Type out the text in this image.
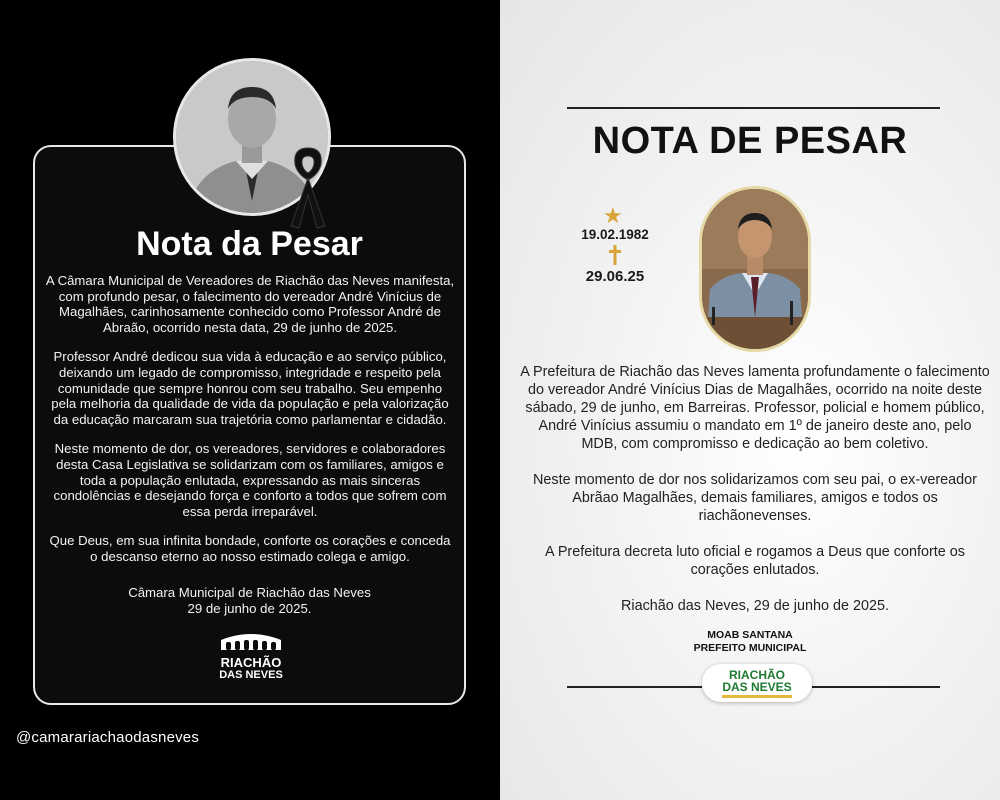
Nota da Pesar

A Câmara Municipal de Vereadores de Riachão das Neves manifesta, com profundo pesar, o falecimento do vereador André Vinícius de Magalhães, carinhosamente conhecido como Professor André de Abraão, ocorrido nesta data, 29 de junho de 2025.

Professor André dedicou sua vida à educação e ao serviço público, deixando um legado de compromisso, integridade e respeito pela comunidade que sempre honrou com seu trabalho. Seu empenho pela melhoria da qualidade de vida da população e pela valorização da educação marcaram sua trajetória como parlamentar e cidadão.

Neste momento de dor, os vereadores, servidores e colaboradores desta Casa Legislativa se solidarizam com os familiares, amigos e toda a população enlutada, expressando as mais sinceras condolências e desejando força e conforto a todos que sofrem com essa perda irreparável.

Que Deus, em sua infinita bondade, conforte os corações e conceda o descanso eterno ao nosso estimado colega e amigo.

Câmara Municipal de Riachão das Neves
29 de junho de 2025.
RIACHÃO
DAS NEVES
@camarariachaodasneves
NOTA DE PESAR
★
19.02.1982
29.06.25

A Prefeitura de Riachão das Neves lamenta profundamente o falecimento do vereador André Vinícius Dias de Magalhães, ocorrido na noite deste sábado, 29 de junho, em Barreiras. Professor, policial e homem público, André Vinícius assumiu o mandato em 1º de janeiro deste ano, pelo MDB, com compromisso e dedicação ao bem coletivo.

Neste momento de dor nos solidarizamos com seu pai, o ex-vereador Abrãao Magalhães, demais familiares, amigos e todos os riachãonevenses.

A Prefeitura decreta luto oficial e rogamos a Deus que conforte os corações enlutados.

Riachão das Neves, 29 de junho de 2025.

MOAB SANTANA
PREFEITO MUNICIPAL
RIACHÃO
DAS NEVES
